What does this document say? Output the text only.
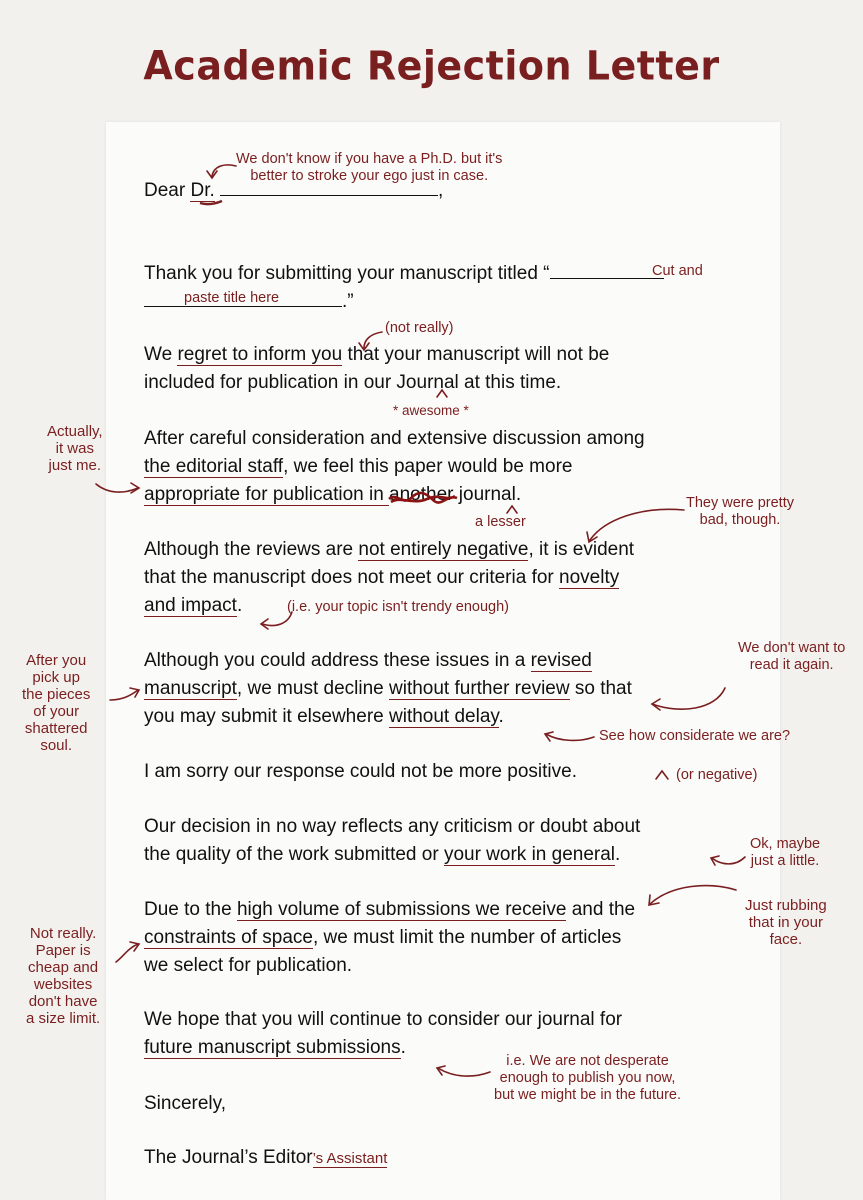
Academic Rejection Letter
Dear Dr.	,
Thank you for submitting your manuscript titled “
.”
We regret to inform you that your manuscript will not be
included for publication in our Journal at this time.
After careful consideration and extensive discussion among
the editorial staff, we feel this paper would be more
appropriate for publication in another
journal.
Although the reviews are not entirely negative, it is evident
that the manuscript does not meet our criteria for novelty
and impact.
Although you could address these issues in a revised
manuscript, we must decline without further review so that
you may submit it elsewhere without delay.
I am sorry our response could not be more positive.
Our decision in no way reflects any criticism or doubt about
the quality of the work submitted or your work in general.
Due to the high volume of submissions we receive and the
constraints of space, we must limit the number of articles
we select for publication.
We hope that you will continue to consider our journal for
future manuscript submissions.
Sincerely,
The Journal’s Editor’s Assistant
We don't know if you have a Ph.D. but it's
better to stroke your ego just in case.
Cut and
paste title here
(not really)
* awesome *
Actually,
it was
just me.
a lesser
They were pretty
bad, though.
(i.e. your topic isn't trendy enough)
We don't want to
read it again.
After you
pick up
the pieces
of your
shattered
soul.
See how considerate we are?
(or negative)
Ok, maybe
just a little.
Just rubbing
that in your
face.
Not really.
Paper is
cheap and
websites
don't have
a size limit.
i.e. We are not desperate
enough to publish you now,
but we might be in the future.
